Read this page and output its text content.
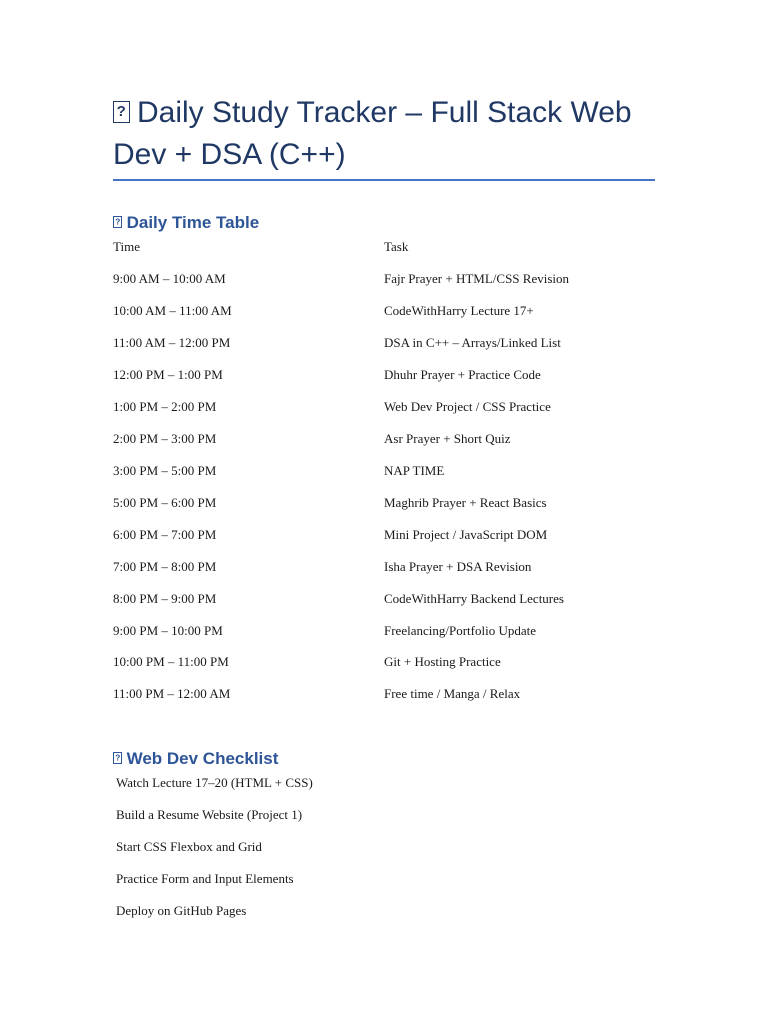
?Daily Study Tracker – Full Stack Web Dev + DSA (C++)
?Daily Time Table
Time	Task
9:00 AM – 10:00 AM	Fajr Prayer + HTML/CSS Revision
10:00 AM – 11:00 AM	CodeWithHarry Lecture 17+
11:00 AM – 12:00 PM	DSA in C++ – Arrays/Linked List
12:00 PM – 1:00 PM	Dhuhr Prayer + Practice Code
1:00 PM – 2:00 PM	Web Dev Project / CSS Practice
2:00 PM – 3:00 PM	Asr Prayer + Short Quiz
3:00 PM – 5:00 PM	NAP TIME
5:00 PM – 6:00 PM	Maghrib Prayer + React Basics
6:00 PM – 7:00 PM	Mini Project / JavaScript DOM
7:00 PM – 8:00 PM	Isha Prayer + DSA Revision
8:00 PM – 9:00 PM	CodeWithHarry Backend Lectures
9:00 PM – 10:00 PM	Freelancing/Portfolio Update
10:00 PM – 11:00 PM	Git + Hosting Practice
11:00 PM – 12:00 AM	Free time / Manga / Relax
?Web Dev Checklist
Watch Lecture 17–20 (HTML + CSS)
Build a Resume Website (Project 1)
Start CSS Flexbox and Grid
Practice Form and Input Elements
Deploy on GitHub Pages
